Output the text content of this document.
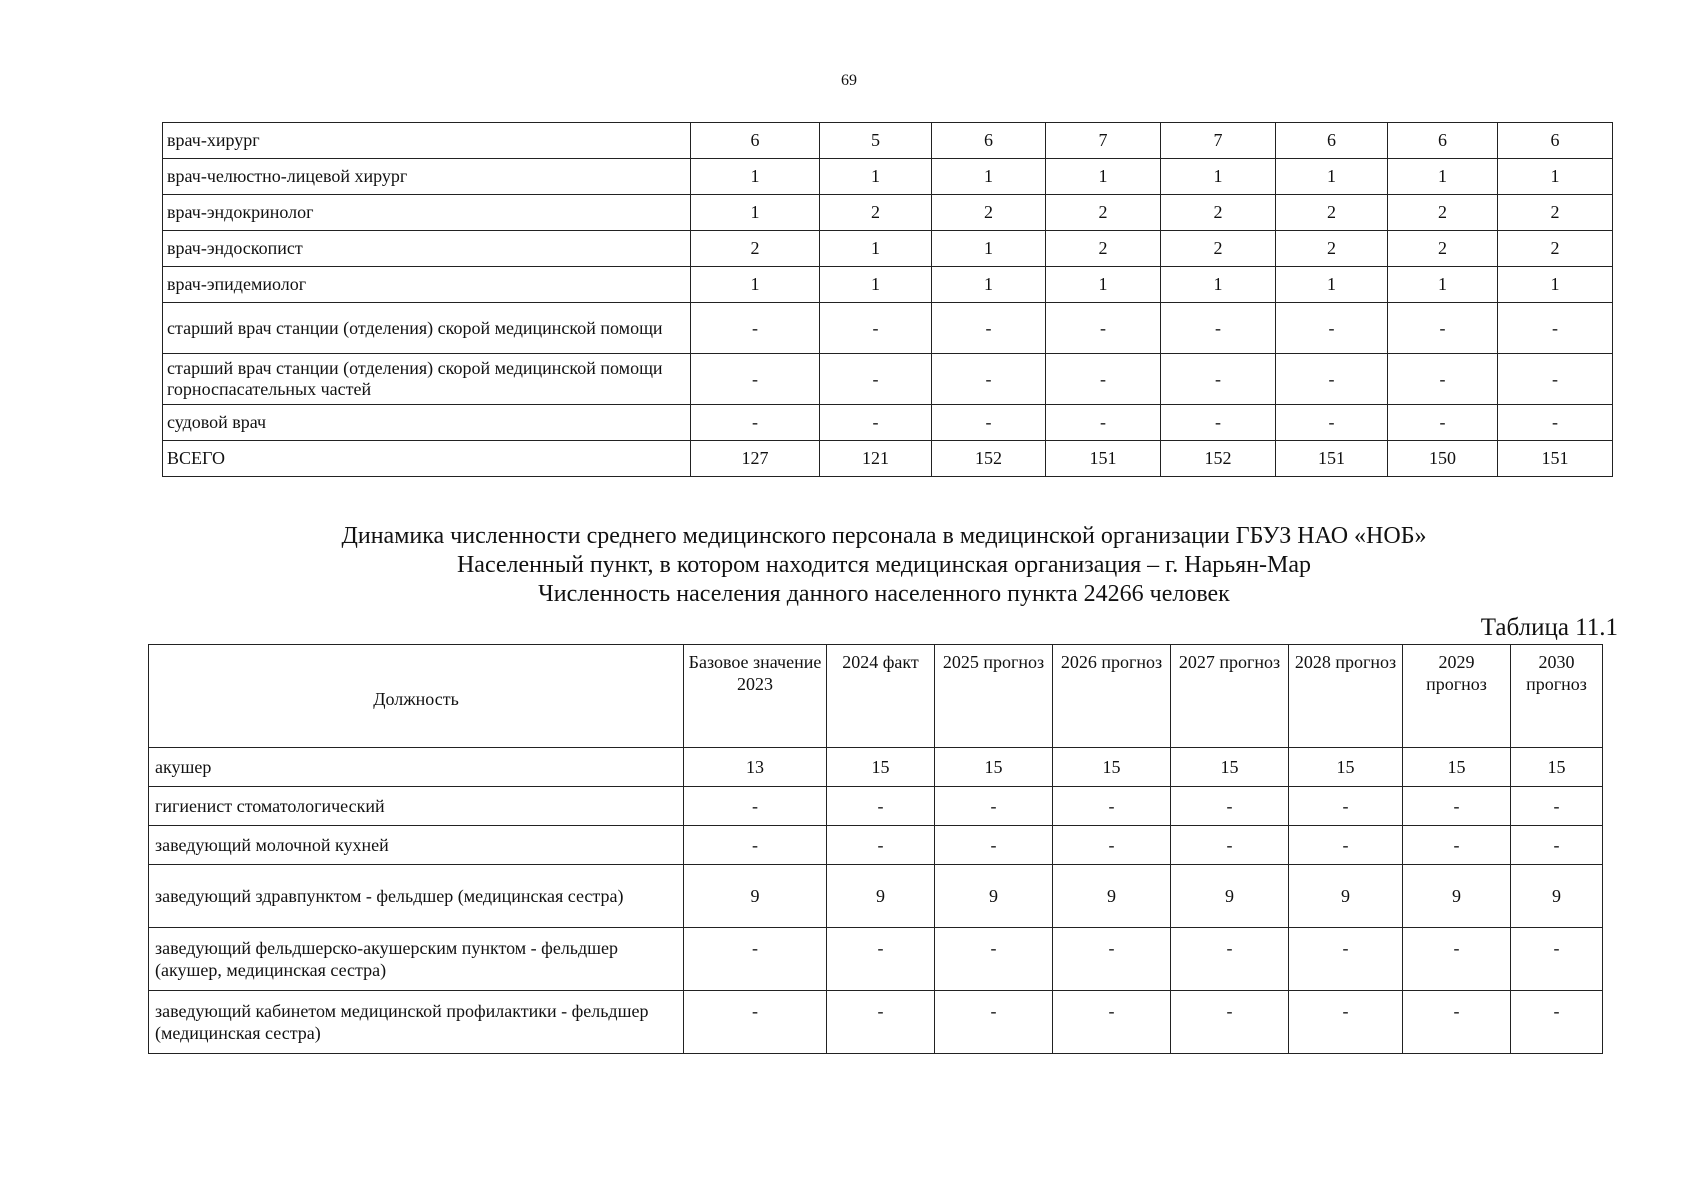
69
врач-хирург	6	5	6	7	7	6	6	6
врач-челюстно-лицевой хирург	1	1	1	1	1	1	1	1
врач-эндокринолог	1	2	2	2	2	2	2	2
врач-эндоскопист	2	1	1	2	2	2	2	2
врач-эпидемиолог	1	1	1	1	1	1	1	1
старший врач станции (отделения) скорой медицинской помощи	-	-	-	-	-	-	-	-
старший врач станции (отделения) скорой медицинской помощи горноспасательных частей	-	-	-	-	-	-	-	-
судовой врач	-	-	-	-	-	-	-	-
ВСЕГО	127	121	152	151	152	151	150	151
Динамика численности среднего медицинского персонала в медицинской организации ГБУЗ НАО «НОБ»
Населенный пункт, в котором находится медицинская организация – г. Нарьян-Мар
Численность населения данного населенного пункта 24266 человек
Таблица 11.1
Должность	Базовое значение 2023	2024 факт	2025 прогноз	2026 прогноз	2027 прогноз	2028 прогноз	2029 прогноз	2030 прогноз
акушер	13	15	15	15	15	15	15	15
гигиенист стоматологический	-	-	-	-	-	-	-	-
заведующий молочной кухней	-	-	-	-	-	-	-	-
заведующий здравпунктом - фельдшер (медицинская сестра)	9	9	9	9	9	9	9	9
заведующий фельдшерско-акушерским пунктом - фельдшер (акушер, медицинская сестра)	-	-	-	-	-	-	-	-
заведующий кабинетом медицинской профилактики - фельдшер (медицинская сестра)	-	-	-	-	-	-	-	-
